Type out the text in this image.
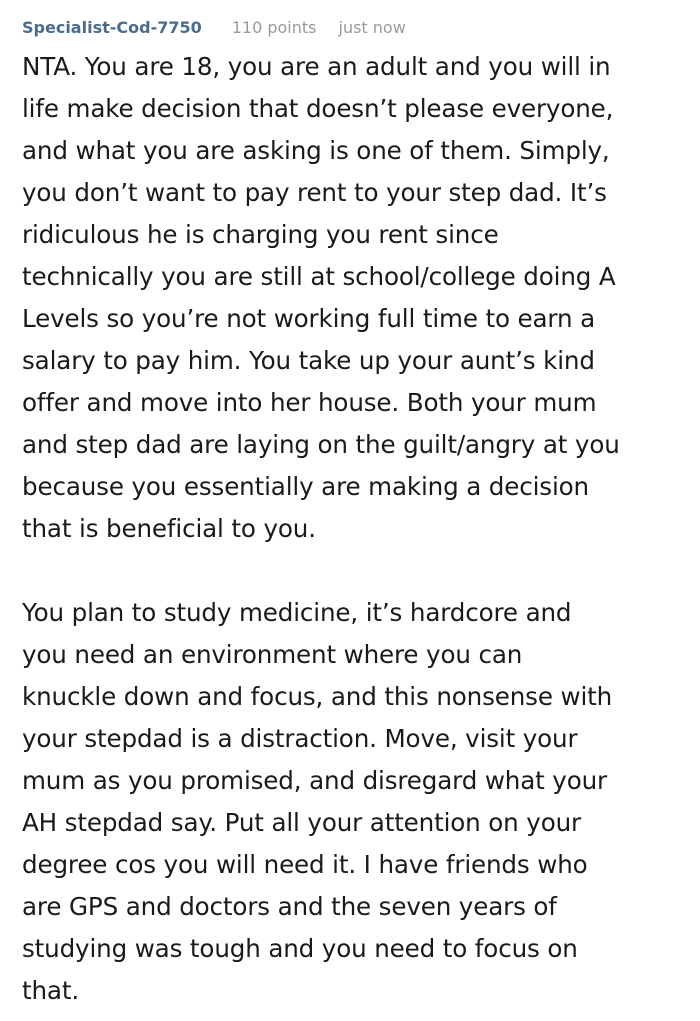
Specialist-Cod-7750 110 points just now

NTA. You are 18, you are an adult and you will in
life make decision that doesn’t please everyone,
and what you are asking is one of them. Simply,
you don’t want to pay rent to your step dad. It’s
ridiculous he is charging you rent since
technically you are still at school/college doing A
Levels so you’re not working full time to earn a
salary to pay him. You take up your aunt’s kind
offer and move into her house. Both your mum
and step dad are laying on the guilt/angry at you
because you essentially are making a decision
that is beneficial to you.

You plan to study medicine, it’s hardcore and
you need an environment where you can
knuckle down and focus, and this nonsense with
your stepdad is a distraction. Move, visit your
mum as you promised, and disregard what your
AH stepdad say. Put all your attention on your
degree cos you will need it. I have friends who
are GPS and doctors and the seven years of
studying was tough and you need to focus on
that.
